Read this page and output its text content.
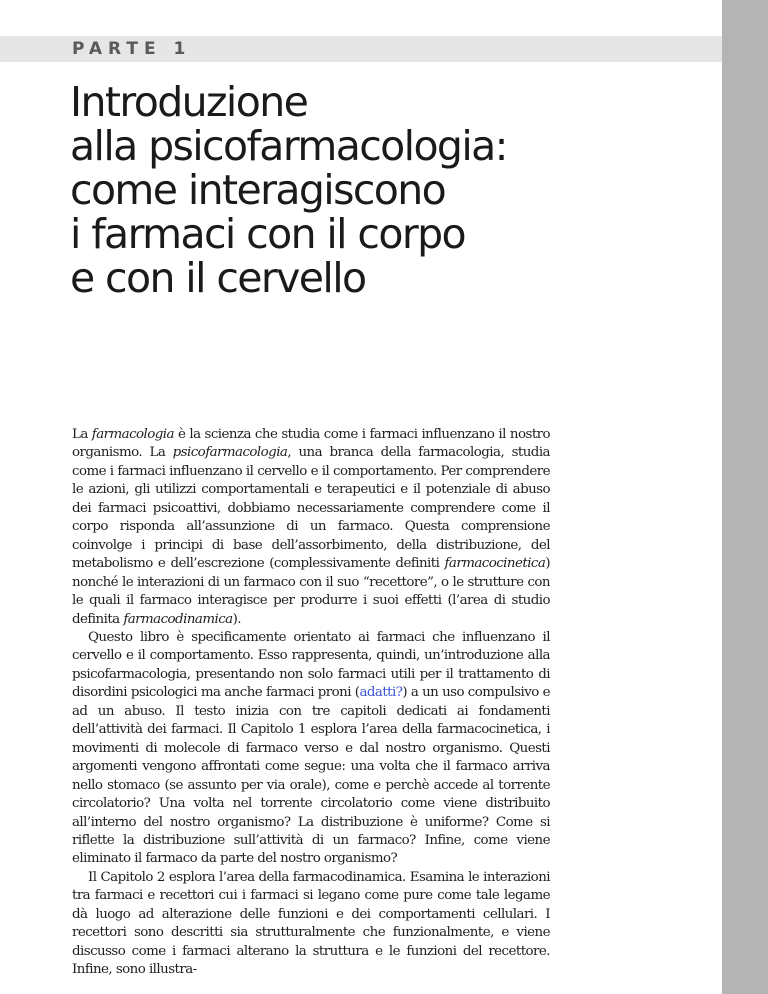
PARTE 1
Introduzione
alla psicofarmacologia:
come interagiscono
i farmaci con il corpo
e con il cervello

La farmacologia è la scienza che studia come i farmaci influenzano il nostro organismo. La psicofarmacologia, una branca della farmacologia, studia come i farmaci influenzano il cervello e il comportamento. Per comprendere le azioni, gli utilizzi comportamentali e terapeutici e il potenziale di abuso dei farmaci psicoattivi, dobbiamo necessariamente comprendere come il corpo risponda all’assunzione di un farmaco. Questa comprensione coinvolge i principi di base dell’assorbimento, della distribuzione, del metabolismo e dell’escrezione (complessivamente definiti farmacocinetica) nonché le interazioni di un farmaco con il suo “recettore”, o le strutture con le quali il farmaco interagisce per produrre i suoi effetti (l’area di studio definita farmacodinamica).

Questo libro è specificamente orientato ai farmaci che influenzano il cervello e il comportamento. Esso rappresenta, quindi, un’introduzione alla psicofarmacologia, presentando non solo farmaci utili per il trattamento di disordini psicologici ma anche farmaci proni (adatti?) a un uso compulsivo e ad un abuso. Il testo inizia con tre capitoli dedicati ai fondamenti dell’attività dei farmaci. Il Capitolo 1 esplora l’area della farmacocinetica, i movimenti di molecole di farmaco verso e dal nostro organismo. Questi argomenti vengono affrontati come segue: una volta che il farmaco arriva nello stomaco (se assunto per via orale), come e perchè accede al torrente circolatorio? Una volta nel torrente circolatorio come viene distribuito all’interno del nostro organismo? La distribuzione è uniforme? Come si riflette la distribuzione sull’attività di un farmaco? Infine, come viene eliminato il farmaco da parte del nostro organismo?

Il Capitolo 2 esplora l’area della farmacodinamica. Esamina le interazioni tra farmaci e recettori cui i farmaci si legano come pure come tale legame dà luogo ad alterazione delle funzioni e dei comportamenti cellulari. I recettori sono descritti sia strutturalmente che funzionalmente, e viene discusso come i farmaci alterano la struttura e le funzioni del recettore. Infine, sono illustra-
